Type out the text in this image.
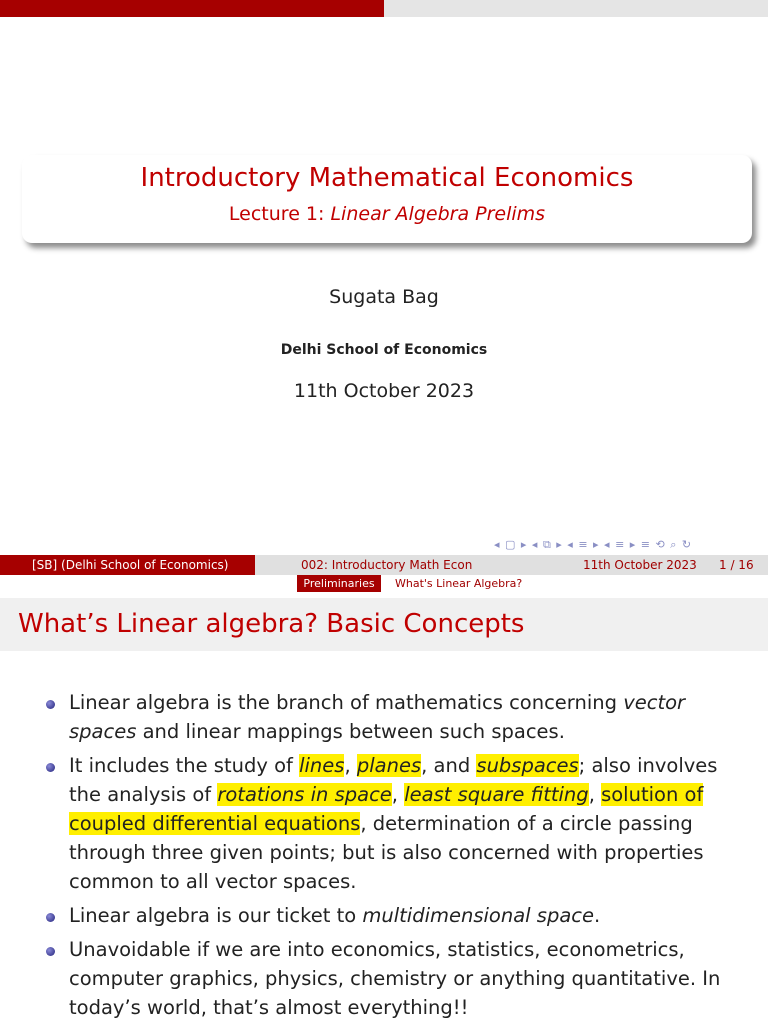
Introductory Mathematical Economics
Lecture 1: Linear Algebra Prelims
Sugata Bag
Delhi School of Economics
11th October 2023
◂ ▢ ▸ ◂ ⧉ ▸ ◂ ≡ ▸ ◂ ≡ ▸ ≡ ⟲ ⌕ ↻
[SB] (Delhi School of Economics)	002: Introductory Math Econ	11th October 2023 1 / 16
Preliminaries	What's Linear Algebra?
What’s Linear algebra? Basic Concepts
Linear algebra is the branch of mathematics concerning vector spaces and linear mappings between such spaces.
It includes the study of lines, planes, and subspaces; also involves the analysis of rotations in space, least square fitting, solution of coupled differential equations, determination of a circle passing through three given points; but is also concerned with properties common to all vector spaces.
Linear algebra is our ticket to multidimensional space.
Unavoidable if we are into economics, statistics, econometrics, computer graphics, physics, chemistry or anything quantitative. In today’s world, that’s almost everything!!
